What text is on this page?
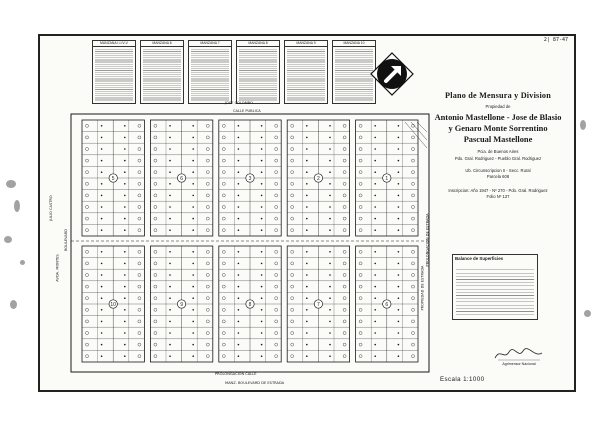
2| 87-47
MANZANA I-I-IV-V	MANZANA 6	MANZANA 7	MANZANA 8	MANZANA 9	MANZANA 10
Plano de Mensura y Division
Propiedad de
Antonio Mastellone - Jose de Blasio
y Genaro Monte Sorrentino
Pascual Mastellone
Pcia. de Buenos Aires
Pdo. Gral. Rodriguez - Pueblo Gral. Rodriguez
Ub. Circunscripcion II - Secc. Rural
Parcela 608
Inscripcion: Año 1947 - Nº 270 - Pdo. Gral. Rodriguez
Folio Nº 137
Balance de Superficies
Agrimensor Nacional
Escala 1:1000
5	6	3	2	1
10	9	8	7	6
CALLE PUBLICA
JOSE COLOMBO
PROLONGACION CALLE
BOULEVARD	PROLONGACION DE ESTRADA
JULIO CASTRO
AVDA. MONTES	PROPIEDAD DE ESTRADA
MANZ. BOULEVARD DE ESTRADA
